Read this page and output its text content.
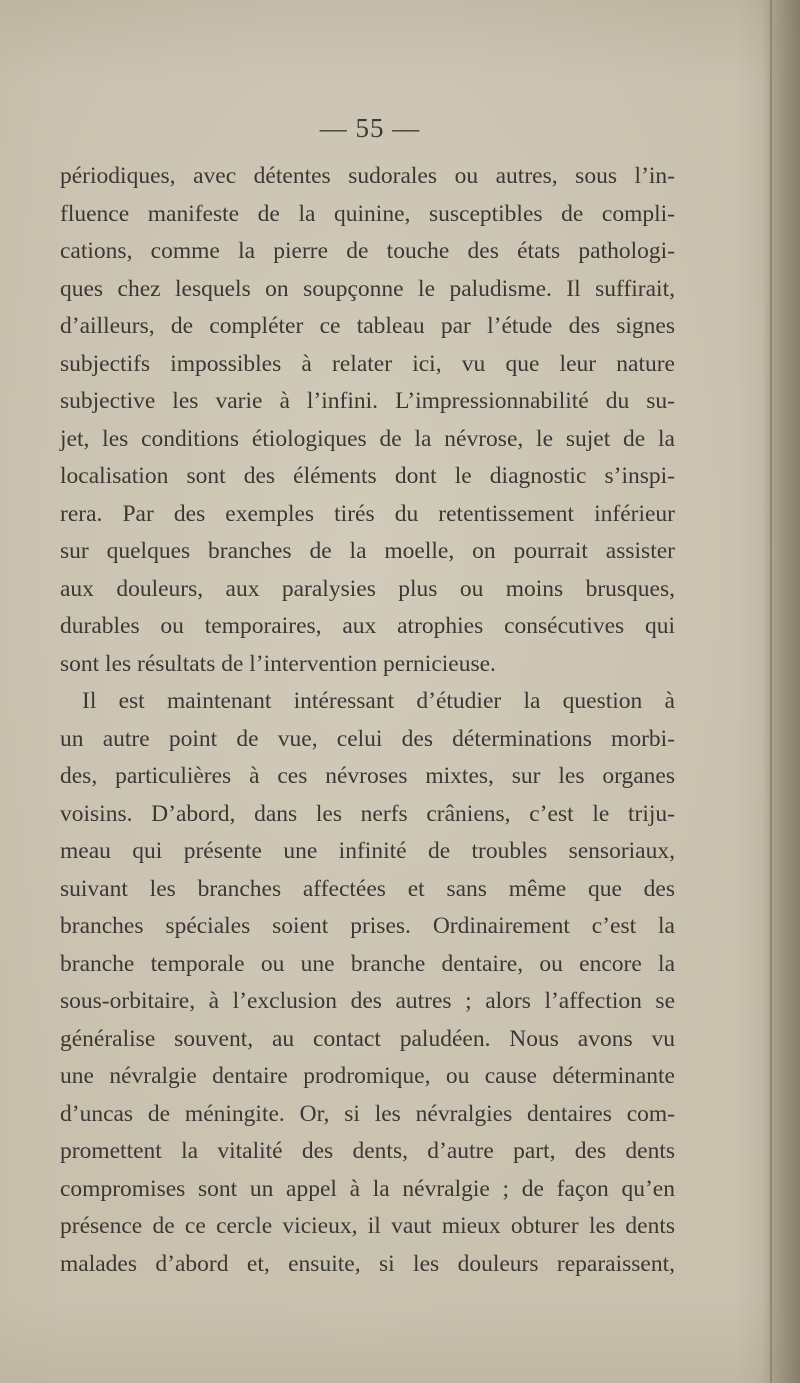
— 55 —
périodiques, avec détentes sudorales ou autres, sous l’in-
fluence manifeste de la quinine, susceptibles de compli-
cations, comme la pierre de touche des états pathologi-
ques chez lesquels on soupçonne le paludisme. Il suffirait,
d’ailleurs, de compléter ce tableau par l’étude des signes
subjectifs impossibles à relater ici, vu que leur nature
subjective les varie à l’infini. L’impressionnabilité du su-
jet, les conditions étiologiques de la névrose, le sujet de la
localisation sont des éléments dont le diagnostic s’inspi-
rera. Par des exemples tirés du retentissement inférieur
sur quelques branches de la moelle, on pourrait assister
aux douleurs, aux paralysies plus ou moins brusques,
durables ou temporaires, aux atrophies consécutives qui
sont les résultats de l’intervention pernicieuse.
Il est maintenant intéressant d’étudier la question à
un autre point de vue, celui des déterminations morbi-
des, particulières à ces névroses mixtes, sur les organes
voisins. D’abord, dans les nerfs crâniens, c’est le triju-
meau qui présente une infinité de troubles sensoriaux,
suivant les branches affectées et sans même que des
branches spéciales soient prises. Ordinairement c’est la
branche temporale ou une branche dentaire, ou encore la
sous-orbitaire, à l’exclusion des autres ; alors l’affection se
généralise souvent, au contact paludéen. Nous avons vu
une névralgie dentaire prodromique, ou cause déterminante
d’uncas de méningite. Or, si les névralgies dentaires com-
promettent la vitalité des dents, d’autre part, des dents
compromises sont un appel à la névralgie ; de façon qu’en
présence de ce cercle vicieux, il vaut mieux obturer les dents
malades d’abord et, ensuite, si les douleurs reparaissent,
